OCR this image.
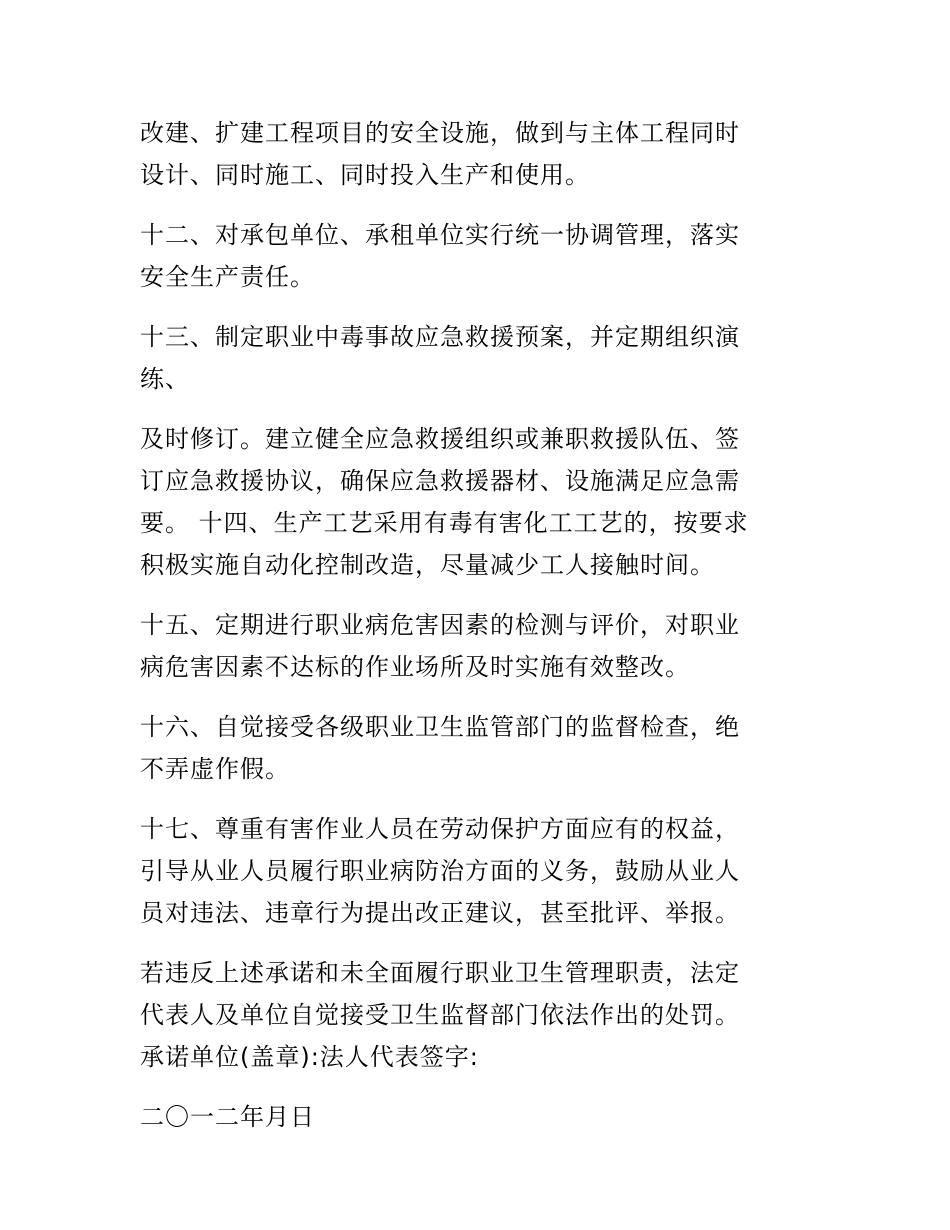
改建、扩建工程项目的安全设施，做到与主体工程同时
设计、同时施工、同时投入生产和使用。

十二、对承包单位、承租单位实行统一协调管理，落实
安全生产责任。

十三、制定职业中毒事故应急救援预案，并定期组织演
练、

及时修订。建立健全应急救援组织或兼职救援队伍、签
订应急救援协议，确保应急救援器材、设施满足应急需
要。 十四、生产工艺采用有毒有害化工工艺的，按要求
积极实施自动化控制改造，尽量减少工人接触时间。

十五、定期进行职业病危害因素的检测与评价，对职业
病危害因素不达标的作业场所及时实施有效整改。

十六、自觉接受各级职业卫生监管部门的监督检查，绝
不弄虚作假。

十七、尊重有害作业人员在劳动保护方面应有的权益，
引导从业人员履行职业病防治方面的义务，鼓励从业人
员对违法、违章行为提出改正建议，甚至批评、举报。

若违反上述承诺和未全面履行职业卫生管理职责，法定
代表人及单位自觉接受卫生监督部门依法作出的处罚。
承诺单位(盖章):法人代表签字:

二〇一二年月日
